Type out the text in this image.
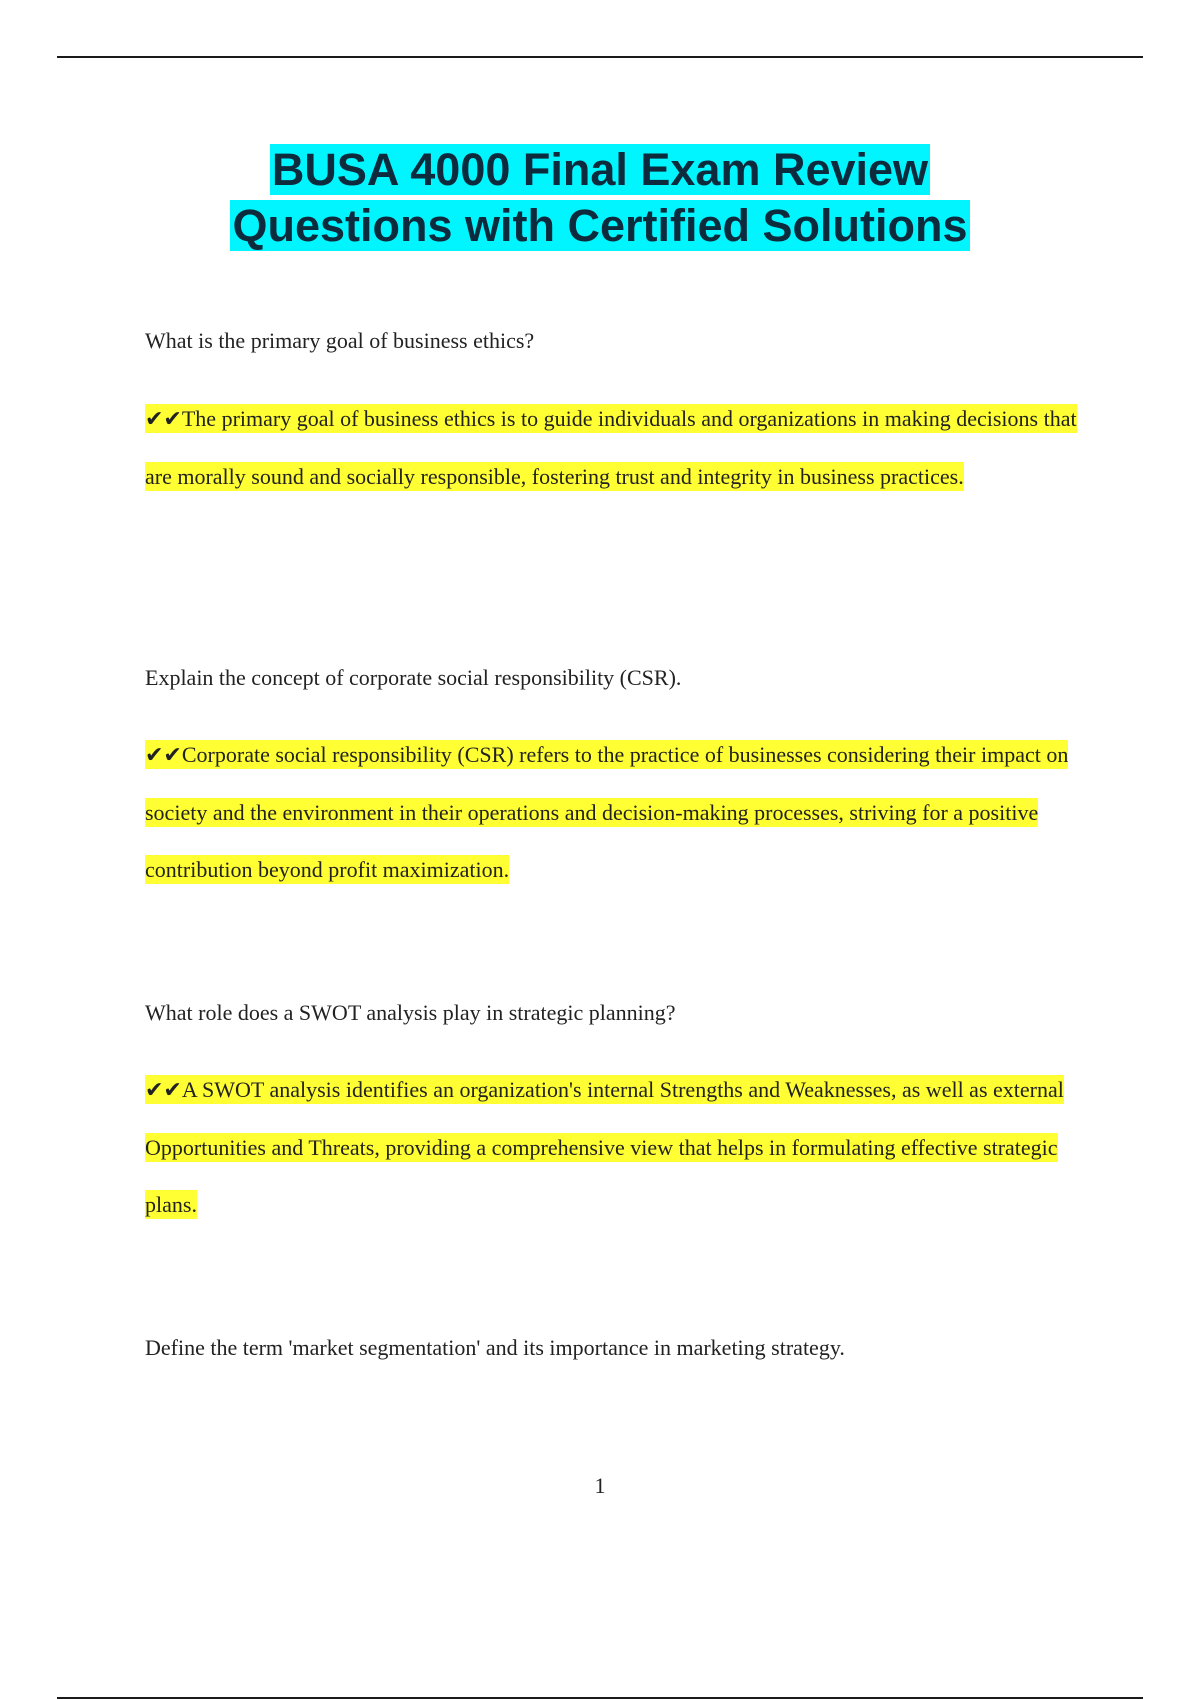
BUSA 4000 Final Exam Review
Questions with Certified Solutions
What is the primary goal of business ethics?
✔✔The primary goal of business ethics is to guide individuals and organizations in making decisions that are morally sound and socially responsible, fostering trust and integrity in business practices.
Explain the concept of corporate social responsibility (CSR).
✔✔Corporate social responsibility (CSR) refers to the practice of businesses considering their impact on society and the environment in their operations and decision-making processes, striving for a positive contribution beyond profit maximization.
What role does a SWOT analysis play in strategic planning?
✔✔A SWOT analysis identifies an organization's internal Strengths and Weaknesses, as well as external Opportunities and Threats, providing a comprehensive view that helps in formulating effective strategic plans.
Define the term 'market segmentation' and its importance in marketing strategy.
1
